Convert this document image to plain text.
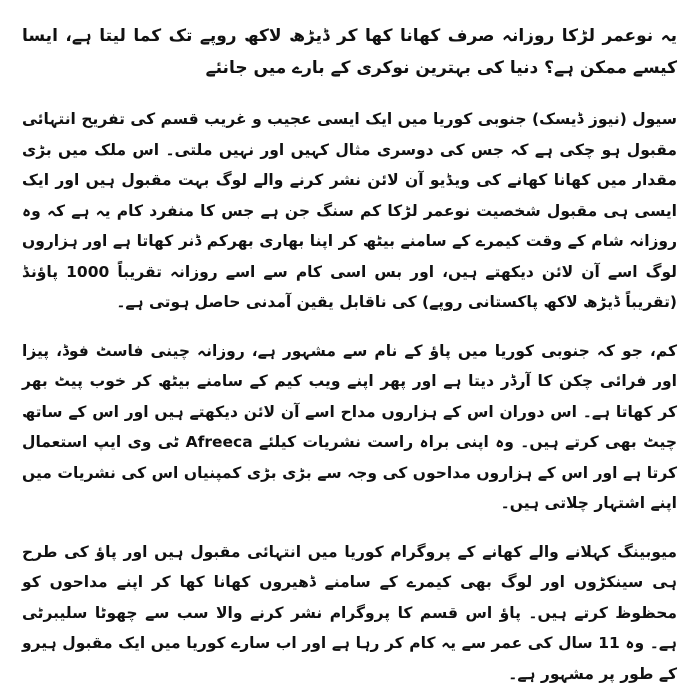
یہ نوعمر لڑکا روزانہ صرف کھانا کھا کر ڈیڑھ لاکھ روپے تک کما لیتا ہے، ایسا کیسے ممکن ہے؟ دنیا کی بہترین نوکری کے بارے میں جانئے

سیول (نیوز ڈیسک) جنوبی کوریا میں ایک ایسی عجیب و غریب قسم کی تفریح انتہائی مقبول ہو چکی ہے کہ جس کی دوسری مثال کہیں اور نہیں ملتی۔ اس ملک میں بڑی مقدار میں کھانا کھانے کی ویڈیو آن لائن نشر کرنے والے لوگ بہت مقبول ہیں اور ایک ایسی ہی مقبول شخصیت نوعمر لڑکا کم سنگ جن ہے جس کا منفرد کام یہ ہے کہ وہ روزانہ شام کے وقت کیمرے کے سامنے بیٹھ کر اپنا بھاری بھرکم ڈنر کھاتا ہے اور ہزاروں لوگ اسے آن لائن دیکھتے ہیں، اور بس اسی کام سے اسے روزانہ تقریباً 1000 پاﺅنڈ (تقریباً ڈیڑھ لاکھ پاکستانی روپے) کی ناقابل یقین آمدنی حاصل ہوتی ہے۔

کم، جو کہ جنوبی کوریا میں پاﺅ کے نام سے مشہور ہے، روزانہ چینی فاسٹ فوڈ، پیزا اور فرائی چکن کا آرڈر دیتا ہے اور پھر اپنے ویب کیم کے سامنے بیٹھ کر خوب پیٹ بھر کر کھاتا ہے۔ اس دوران اس کے ہزاروں مداح اسے آن لائن دیکھتے ہیں اور اس کے ساتھ چیٹ بھی کرتے ہیں۔ وہ اپنی براہ راست نشریات کیلئے Afreeca ٹی وی ایپ استعمال کرتا ہے اور اس کے ہزاروں مداحوں کی وجہ سے بڑی بڑی کمپنیاں اس کی نشریات میں اپنے اشتہار چلاتی ہیں۔

میوبینگ کہلانے والے کھانے کے پروگرام کوریا میں انتہائی مقبول ہیں اور پاﺅ کی طرح ہی سینکڑوں اور لوگ بھی کیمرے کے سامنے ڈھیروں کھانا کھا کر اپنے مداحوں کو محظوظ کرتے ہیں۔ پاﺅ اس قسم کا پروگرام نشر کرنے والا سب سے چھوٹا سلیبرٹی ہے۔ وہ 11 سال کی عمر سے یہ کام کر رہا ہے اور اب سارے کوریا میں ایک مقبول ہیرو کے طور پر مشہور ہے۔
